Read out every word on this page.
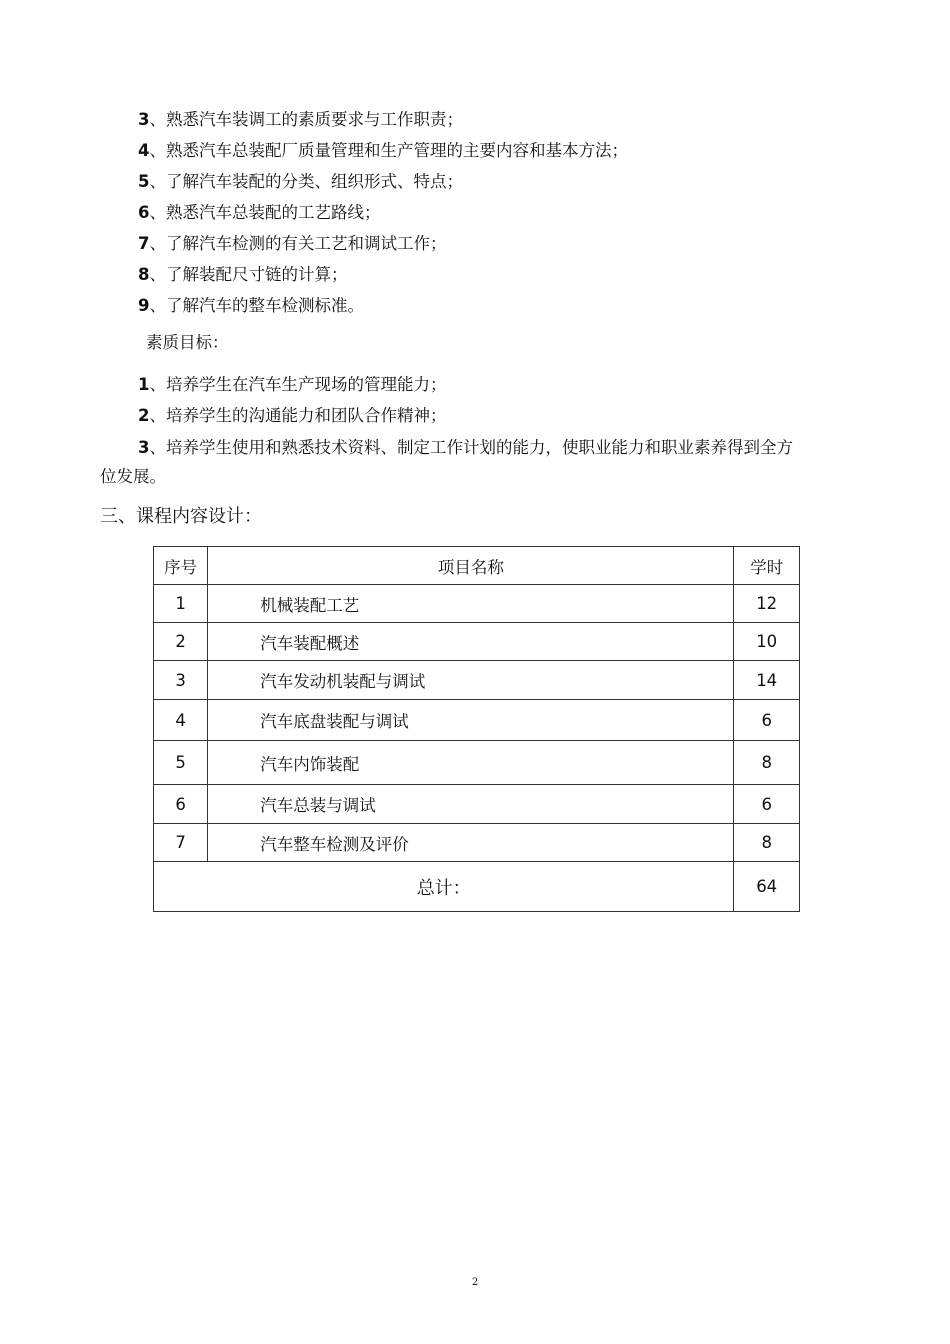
3、熟悉汽车装调工的素质要求与工作职责；
4、熟悉汽车总装配厂质量管理和生产管理的主要内容和基本方法；
5、了解汽车装配的分类、组织形式、特点；
6、熟悉汽车总装配的工艺路线；
7、了解汽车检测的有关工艺和调试工作；
8、了解装配尺寸链的计算；
9、了解汽车的整车检测标准。
素质目标：
1、培养学生在汽车生产现场的管理能力；
2、培养学生的沟通能力和团队合作精神；
3、培养学生使用和熟悉技术资料、制定工作计划的能力，使职业能力和职业素养得到全方
位发展。
三、课程内容设计：
序号	项目名称	学时
1	机械装配工艺	12
2	汽车装配概述	10
3	汽车发动机装配与调试	14
4	汽车底盘装配与调试	6
5	汽车内饰装配	8
6	汽车总装与调试	6
7	汽车整车检测及评价	8
总计：		64
2
